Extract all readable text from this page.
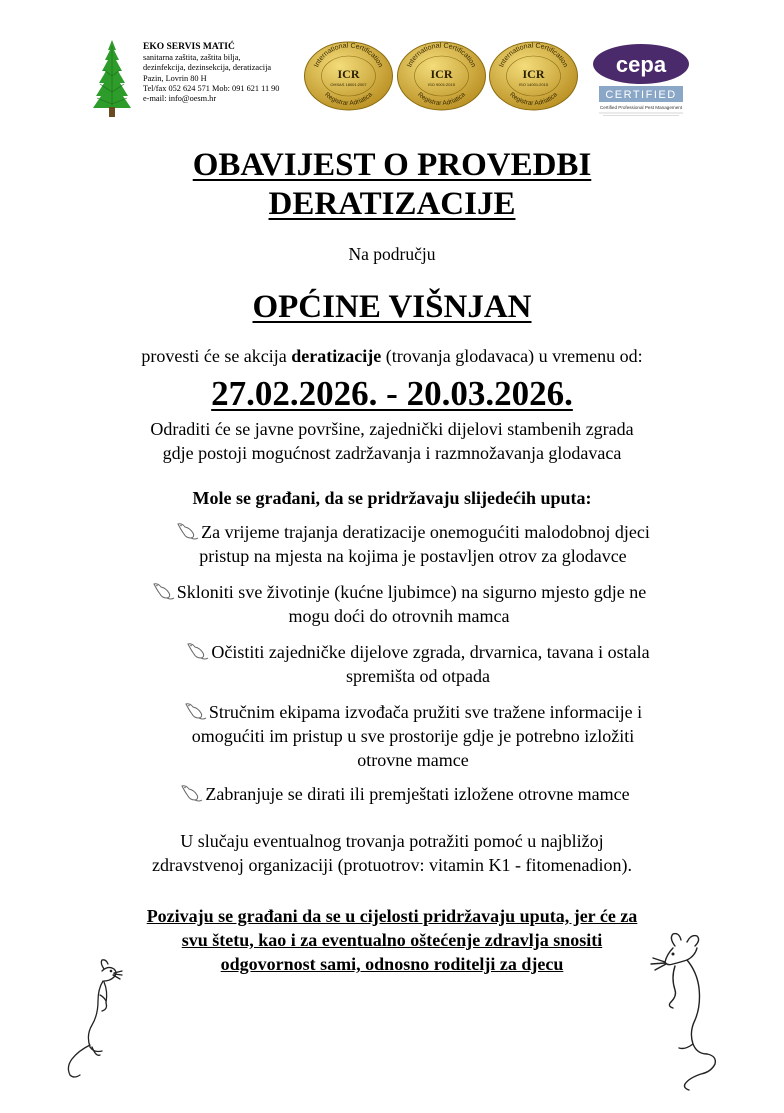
EKO SERVIS MATIĆ
sanitarna zaštita, zaštita bilja,
dezinfekcija, dezinsekcija, deratizacija
Pazin, Lovrin 80 H
Tel/fax 052 624 571 Mob: 091 621 11 90
e-mail: info@oesm.hr
International Certification
ICR
OHSAS 18001:2007
Registrar Adriatica
International Certification
ICR
ISO 9001:2015
Registrar Adriatica
International Certification
ICR
ISO 14001:2015
Registrar Adriatica
cepa
CERTIFIED
Certified Professional Pest Management
OBAVIJEST O PROVEDBI
DERATIZACIJE
Na području
OPĆINE VIŠNJAN
provesti će se akcija deratizacije (trovanja glodavaca) u vremenu od:
27.02.2026. - 20.03.2026.
Odraditi će se javne površine, zajednički dijelovi stambenih zgrada
gdje postoji mogućnost zadržavanja i razmnožavanja glodavaca
Mole se građani, da se pridržavaju slijedećih uputa:
Za vrijeme trajanja deratizacije onemogućiti malodobnoj djeci
pristup na mjesta na kojima je postavljen otrov za glodavce
Skloniti sve životinje (kućne ljubimce) na sigurno mjesto gdje ne
mogu doći do otrovnih mamca
Očistiti zajedničke dijelove zgrada, drvarnica, tavana i ostala
spremišta od otpada
Stručnim ekipama izvođača pružiti sve tražene informacije i
omogućiti im pristup u sve prostorije gdje je potrebno izložiti
otrovne mamce
Zabranjuje se dirati ili premještati izložene otrovne mamce
U slučaju eventualnog trovanja potražiti pomoć u najbližoj
zdravstvenoj organizaciji (protuotrov: vitamin K1 - fitomenadion).
Pozivaju se građani da se u cijelosti pridržavaju uputa, jer će za
svu štetu, kao i za eventualno oštećenje zdravlja snositi
odgovornost sami, odnosno roditelji za djecu
